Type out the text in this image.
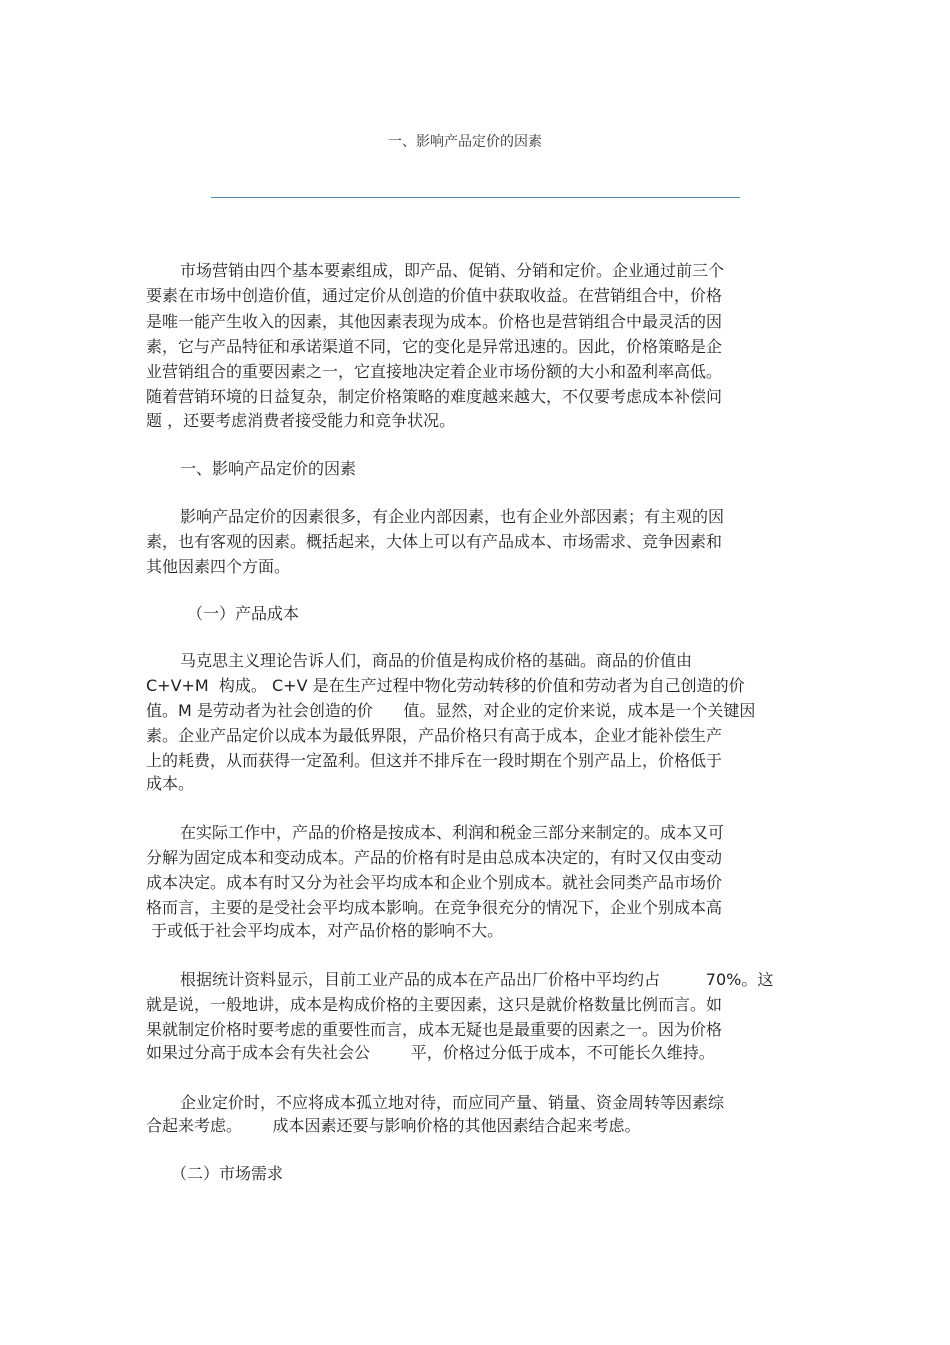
一、影响产品定价的因素
市场营销由四个基本要素组成，即产品、促销、分销和定价。企业通过前三个
要素在市场中创造价值，通过定价从创造的价值中获取收益。在营销组合中，价格
是唯一能产生收入的因素，其他因素表现为成本。价格也是营销组合中最灵活的因
素，它与产品特征和承诺渠道不同，它的变化是异常迅速的。因此，价格策略是企
业营销组合的重要因素之一，它直接地决定着企业市场份额的大小和盈利率高低。
随着营销环境的日益复杂，制定价格策略的难度越来越大，不仅要考虑成本补偿问
题 ，还要考虑消费者接受能力和竞争状况。
一、影响产品定价的因素
影响产品定价的因素很多，有企业内部因素，也有企业外部因素；有主观的因
素，也有客观的因素。概括起来，大体上可以有产品成本、市场需求、竞争因素和
其他因素四个方面。
（一）产品成本
马克思主义理论告诉人们，商品的价值是构成价格的基础。商品的价值由
C+V+M  构成。 C+V 是在生产过程中物化劳动转移的价值和劳动者为自己创造的价
值。M 是劳动者为社会创造的价      值。显然，对企业的定价来说，成本是一个关键因
素。企业产品定价以成本为最低界限，产品价格只有高于成本，企业才能补偿生产
上的耗费，从而获得一定盈利。但这并不排斥在一段时期在个别产品上，价格低于
成本。
在实际工作中，产品的价格是按成本、利润和税金三部分来制定的。成本又可
分解为固定成本和变动成本。产品的价格有时是由总成本决定的，有时又仅由变动
成本决定。成本有时又分为社会平均成本和企业个别成本。就社会同类产品市场价
格而言，主要的是受社会平均成本影响。在竞争很充分的情况下，企业个别成本高
于或低于社会平均成本，对产品价格的影响不大。
根据统计资料显示，目前工业产品的成本在产品出厂价格中平均约占         70%。这
就是说，一般地讲，成本是构成价格的主要因素，这只是就价格数量比例而言。如
果就制定价格时要考虑的重要性而言，成本无疑也是最重要的因素之一。因为价格
如果过分高于成本会有失社会公        平，价格过分低于成本，不可能长久维持。
企业定价时，不应将成本孤立地对待，而应同产量、销量、资金周转等因素综
合起来考虑。      成本因素还要与影响价格的其他因素结合起来考虑。
（二）市场需求
